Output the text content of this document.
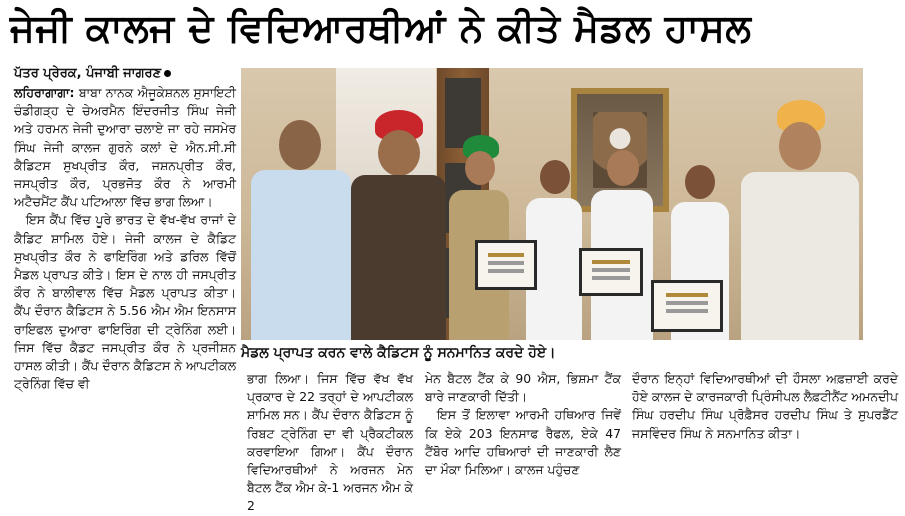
ਜੇਜੀ ਕਾਲਜ ਦੇ ਵਿਦਿਆਰਥੀਆਂ ਨੇ ਕੀਤੇ ਮੈਡਲ ਹਾਸਲ
ਪੱਤਰ ਪ੍ਰੇਰਕ, ਪੰਜਾਬੀ ਜਾਗਰਣ

ਲਹਿਰਾਗਾਗਾ: ਬਾਬਾ ਨਾਨਕ ਐਜੂਕੇਸ਼ਨਲ ਸੁਸਾਇਟੀ ਚੰਡੀਗੜ੍ਹ ਦੇ ਚੇਅਰਮੈਨ ਇੰਦਰਜੀਤ ਸਿੰਘ ਜੇਜੀ ਅਤੇ ਹਰਮਨ ਜੇਜੀ ਦੁਆਰਾ ਚਲਾਏ ਜਾ ਰਹੇ ਜਸਮੇਰ ਸਿੰਘ ਜੇਜੀ ਕਾਲਜ ਗੁਰਨੇ ਕਲਾਂ ਦੇ ਐਨ.ਸੀ.ਸੀ ਕੈਡਿਟਸ ਸੁਖਪ੍ਰੀਤ ਕੌਰ, ਜਸ਼ਨਪ੍ਰੀਤ ਕੌਰ, ਜਸਪ੍ਰੀਤ ਕੌਰ, ਪ੍ਰਭਜੋਤ ਕੌਰ ਨੇ ਆਰਮੀ ਅਟੈਚਮੈਂਟ ਕੈਂਪ ਪਟਿਆਲਾ ਵਿੱਚ ਭਾਗ ਲਿਆ।

ਇਸ ਕੈਂਪ ਵਿੱਚ ਪੂਰੇ ਭਾਰਤ ਦੇ ਵੱਖ-ਵੱਖ ਰਾਜਾਂ ਦੇ ਕੈਡਿਟ ਸ਼ਾਮਿਲ ਹੋਏ। ਜੇਜੀ ਕਾਲਜ ਦੇ ਕੈਡਿਟ ਸੁਖਪ੍ਰੀਤ ਕੌਰ ਨੇ ਫਾਇਰਿੰਗ ਅਤੇ ਡਰਿਲ ਵਿੱਚੋਂ ਮੈਡਲ ਪ੍ਰਾਪਤ ਕੀਤੇ। ਇਸ ਦੇ ਨਾਲ ਹੀ ਜਸਪ੍ਰੀਤ ਕੌਰ ਨੇ ਬਾਲੀਵਾਲ ਵਿੱਚ ਮੈਡਲ ਪ੍ਰਾਪਤ ਕੀਤਾ। ਕੈਂਪ ਦੌਰਾਨ ਕੈਡਿਟਸ ਨੇ 5.56 ਐਮ ਐਮ ਇਨਸਾਸ ਰਾਇਫਲ ਦੁਆਰਾ ਫਾਇਰਿੰਗ ਦੀ ਟ੍ਰੇਨਿੰਗ ਲਈ। ਜਿਸ ਵਿੱਚ ਕੈਡਟ ਜਸਪ੍ਰੀਤ ਕੌਰ ਨੇ ਪ੍ਰਜੀਸ਼ਨ ਹਾਸਲ ਕੀਤੀ। ਕੈਂਪ ਦੌਰਾਨ ਕੈਡਿਟਸ ਨੇ ਆਪਟੀਕਲ ਟ੍ਰੇਨਿੰਗ ਵਿੱਚ ਵੀ

ਮੈਡਲ ਪ੍ਰਾਪਤ ਕਰਨ ਵਾਲੇ ਕੈਡਿਟਸ ਨੂੰ ਸਨਮਾਨਿਤ ਕਰਦੇ ਹੋਏ।

ਭਾਗ ਲਿਆ। ਜਿਸ ਵਿੱਚ ਵੱਖ ਵੱਖ ਪ੍ਰਕਾਰ ਦੇ 22 ਤਰ੍ਹਾਂ ਦੇ ਆਪਟੀਕਲ ਸ਼ਾਮਿਲ ਸਨ। ਕੈਂਪ ਦੌਰਾਨ ਕੈਡਿਟਸ ਨੂੰ ਰਿਬਟ ਟ੍ਰੇਨਿੰਗ ਦਾ ਵੀ ਪ੍ਰੈਕਟੀਕਲ ਕਰਵਾਇਆ ਗਿਆ। ਕੈਂਪ ਦੌਰਾਨ ਵਿਦਿਆਰਥੀਆਂ ਨੇ ਅਰਜਨ ਮੇਨ ਬੈਟਲ ਟੈਂਕ ਐਮ ਕੇ-1 ਅਰਜਨ ਐਮ ਕੇ 2

ਮੇਨ ਬੈਟਲ ਟੈਂਕ ਕੇ 90 ਐਸ, ਭਿਸ਼ਮਾ ਟੈਂਕ ਬਾਰੇ ਜਾਣਕਾਰੀ ਦਿੱਤੀ।

ਇਸ ਤੋਂ ਇਲਾਵਾ ਆਰਮੀ ਹਥਿਆਰ ਜਿਵੇਂ ਕਿ ਏਕੇ 203 ਇਨਸਾਫ ਰੈਫਲ, ਏਕੇ 47 ਟੈਂਬੋਰ ਆਦਿ ਹਥਿਆਰਾਂ ਦੀ ਜਾਣਕਾਰੀ ਲੈਣ ਦਾ ਮੌਕਾ ਮਿਲਿਆ। ਕਾਲਜ ਪਹੁੰਚਣ

ਦੌਰਾਨ ਇਨ੍ਹਾਂ ਵਿਦਿਆਰਥੀਆਂ ਦੀ ਹੌਸਲਾ ਅਫ਼ਜ਼ਾਈ ਕਰਦੇ ਹੋਏ ਕਾਲਜ ਦੇ ਕਾਰਜਕਾਰੀ ਪ੍ਰਿੰਸੀਪਲ ਲੈਫ਼ਟੀਨੈਂਟ ਅਮਨਦੀਪ ਸਿੰਘ ਹਰਦੀਪ ਸਿੰਘ ਪ੍ਰੋਫ਼ੈਸਰ ਹਰਦੀਪ ਸਿੰਘ ਤੇ ਸੁਪਰਡੈਂਟ ਜਸਵਿੰਦਰ ਸਿੰਘ ਨੇ ਸਨਮਾਨਿਤ ਕੀਤਾ।
